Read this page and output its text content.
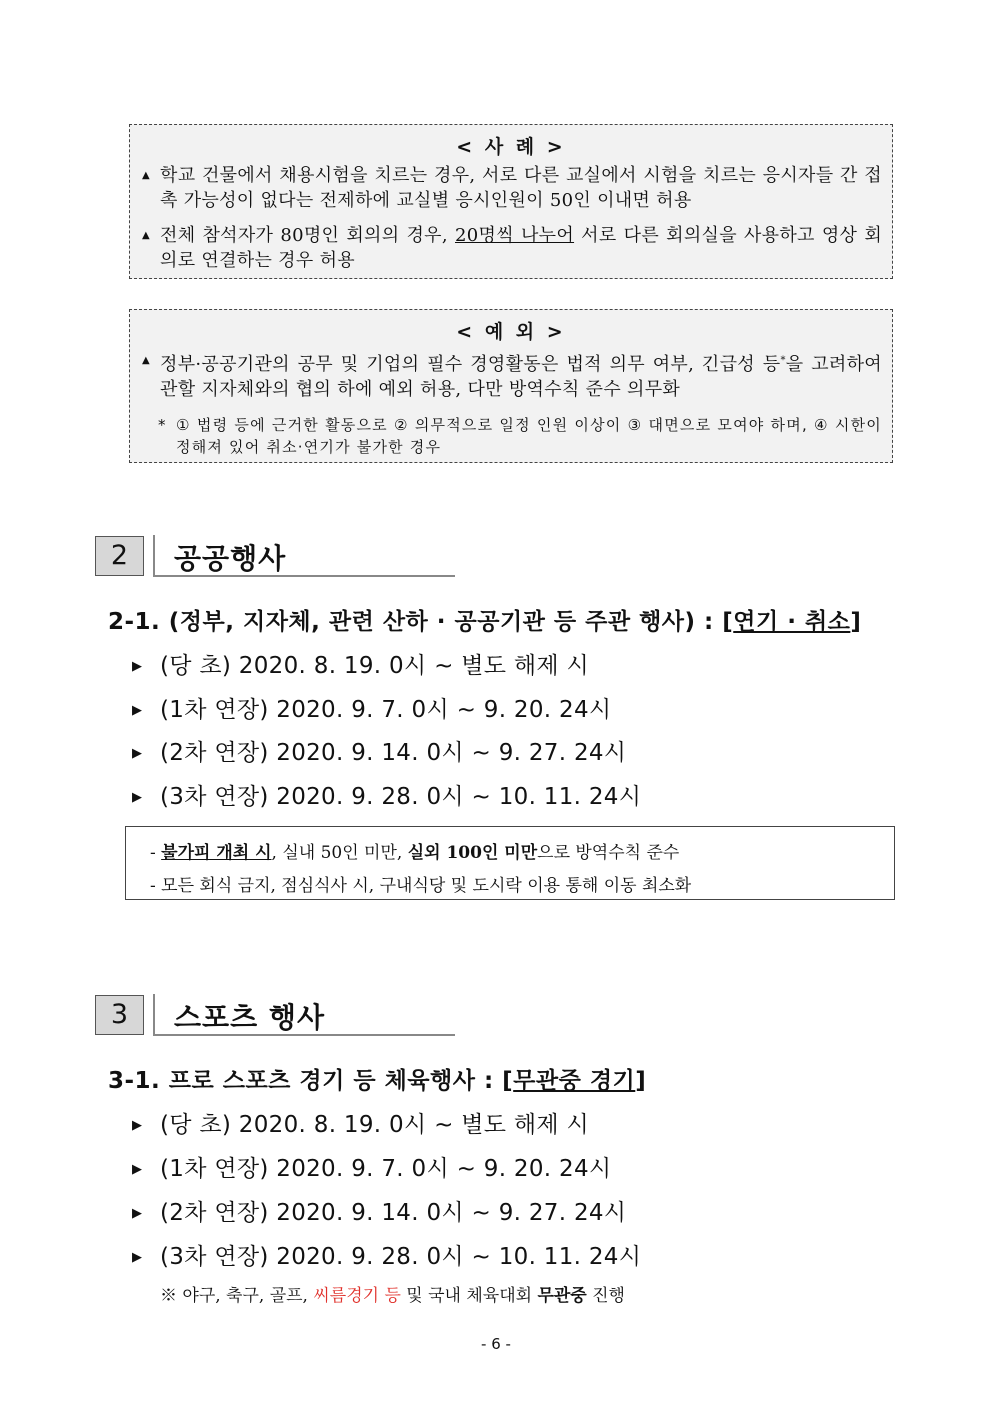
< 사 례 >
▲ 학교 건물에서 채용시험을 치르는 경우, 서로 다른 교실에서 시험을 치르는 응시자들 간 접촉 가능성이 없다는 전제하에 교실별 응시인원이 50인 이내면 허용
▲ 전체 참석자가 80명인 회의의 경우, 20명씩 나누어 서로 다른 회의실을 사용하고 영상 회의로 연결하는 경우 허용
< 예 외 >
▲ 정부·공공기관의 공무 및 기업의 필수 경영활동은 법적 의무 여부, 긴급성 등*을 고려하여 관할 지자체와의 협의 하에 예외 허용, 다만 방역수칙 준수 의무화
* ① 법령 등에 근거한 활동으로 ② 의무적으로 일정 인원 이상이 ③ 대면으로 모여야 하며, ④ 시한이 정해져 있어 취소·연기가 불가한 경우
2	공공행사
2-1. (정부, 지자체, 관련 산하 · 공공기관 등 주관 행사) : [연기 · 취소]
▶ (당 초) 2020. 8. 19. 0시 ~ 별도 해제 시
▶ (1차 연장) 2020. 9. 7. 0시 ~ 9. 20. 24시
▶ (2차 연장) 2020. 9. 14. 0시 ~ 9. 27. 24시
▶ (3차 연장) 2020. 9. 28. 0시 ~ 10. 11. 24시
- 불가피 개최 시, 실내 50인 미만, 실외 100인 미만으로 방역수칙 준수
- 모든 회식 금지, 점심식사 시, 구내식당 및 도시락 이용 통해 이동 최소화
3	스포츠 행사
3-1. 프로 스포츠 경기 등 체육행사 : [무관중 경기]
▶ (당 초) 2020. 8. 19. 0시 ~ 별도 해제 시
▶ (1차 연장) 2020. 9. 7. 0시 ~ 9. 20. 24시
▶ (2차 연장) 2020. 9. 14. 0시 ~ 9. 27. 24시
▶ (3차 연장) 2020. 9. 28. 0시 ~ 10. 11. 24시
※ 야구, 축구, 골프, 씨름경기 등 및 국내 체육대회 무관중 진행
- 6 -
